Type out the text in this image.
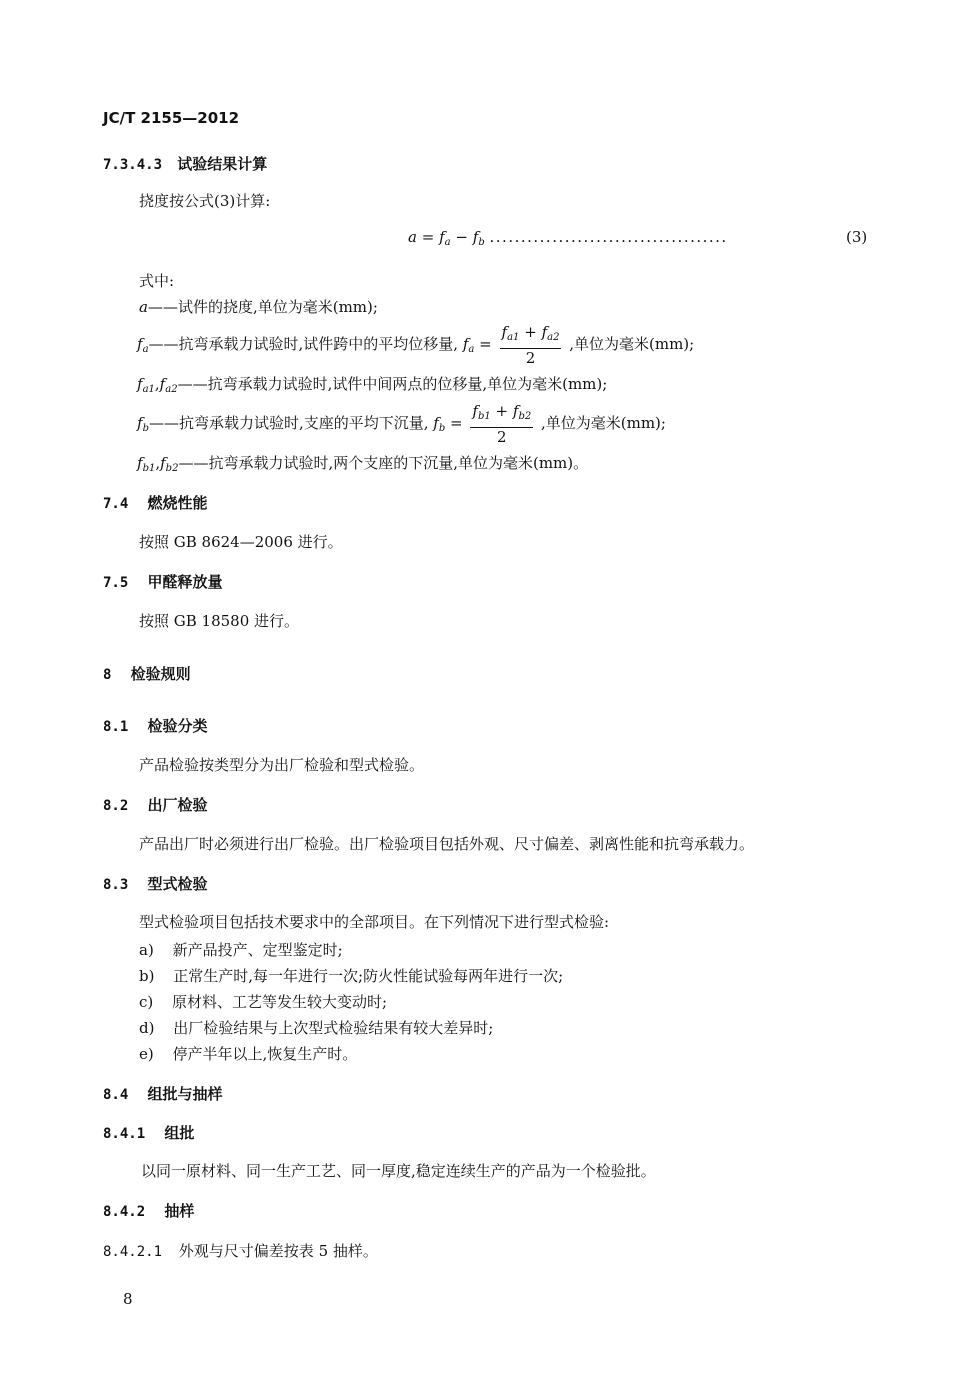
JC/T 2155—2012
7.3.4.3 试验结果计算
挠度按公式(3)计算:
$a = f_a - f_b$ ......................................	(3)
式中:
a——试件的挠度,单位为毫米(mm);
$f_a——$抗弯承载力试验时,试件跨中的平均位移量, $f_a = \frac{f_{a1} + f_{a2}}{2}$ ,单位为毫米(mm);
$f_{a1},f_{a2}——$抗弯承载力试验时,试件中间两点的位移量,单位为毫米(mm);
$f_b——$抗弯承载力试验时,支座的平均下沉量, $f_b = \frac{f_{b1} + f_{b2}}{2}$ ,单位为毫米(mm);
$f_{b1},f_{b2}——$抗弯承载力试验时,两个支座的下沉量,单位为毫米(mm)。
7.4 燃烧性能
按照 GB 8624—2006 进行。
7.5 甲醛释放量
按照 GB 18580 进行。
8 检验规则
8.1 检验分类
产品检验按类型分为出厂检验和型式检验。
8.2 出厂检验
产品出厂时必须进行出厂检验。出厂检验项目包括外观、尺寸偏差、剥离性能和抗弯承载力。
8.3 型式检验
型式检验项目包括技术要求中的全部项目。在下列情况下进行型式检验:
a) 新产品投产、定型鉴定时;
b) 正常生产时,每一年进行一次;防火性能试验每两年进行一次;
c) 原材料、工艺等发生较大变动时;
d) 出厂检验结果与上次型式检验结果有较大差异时;
e) 停产半年以上,恢复生产时。
8.4 组批与抽样
8.4.1 组批
以同一原材料、同一生产工艺、同一厚度,稳定连续生产的产品为一个检验批。
8.4.2 抽样
8.4.2.1 外观与尺寸偏差按表 5 抽样。
8
